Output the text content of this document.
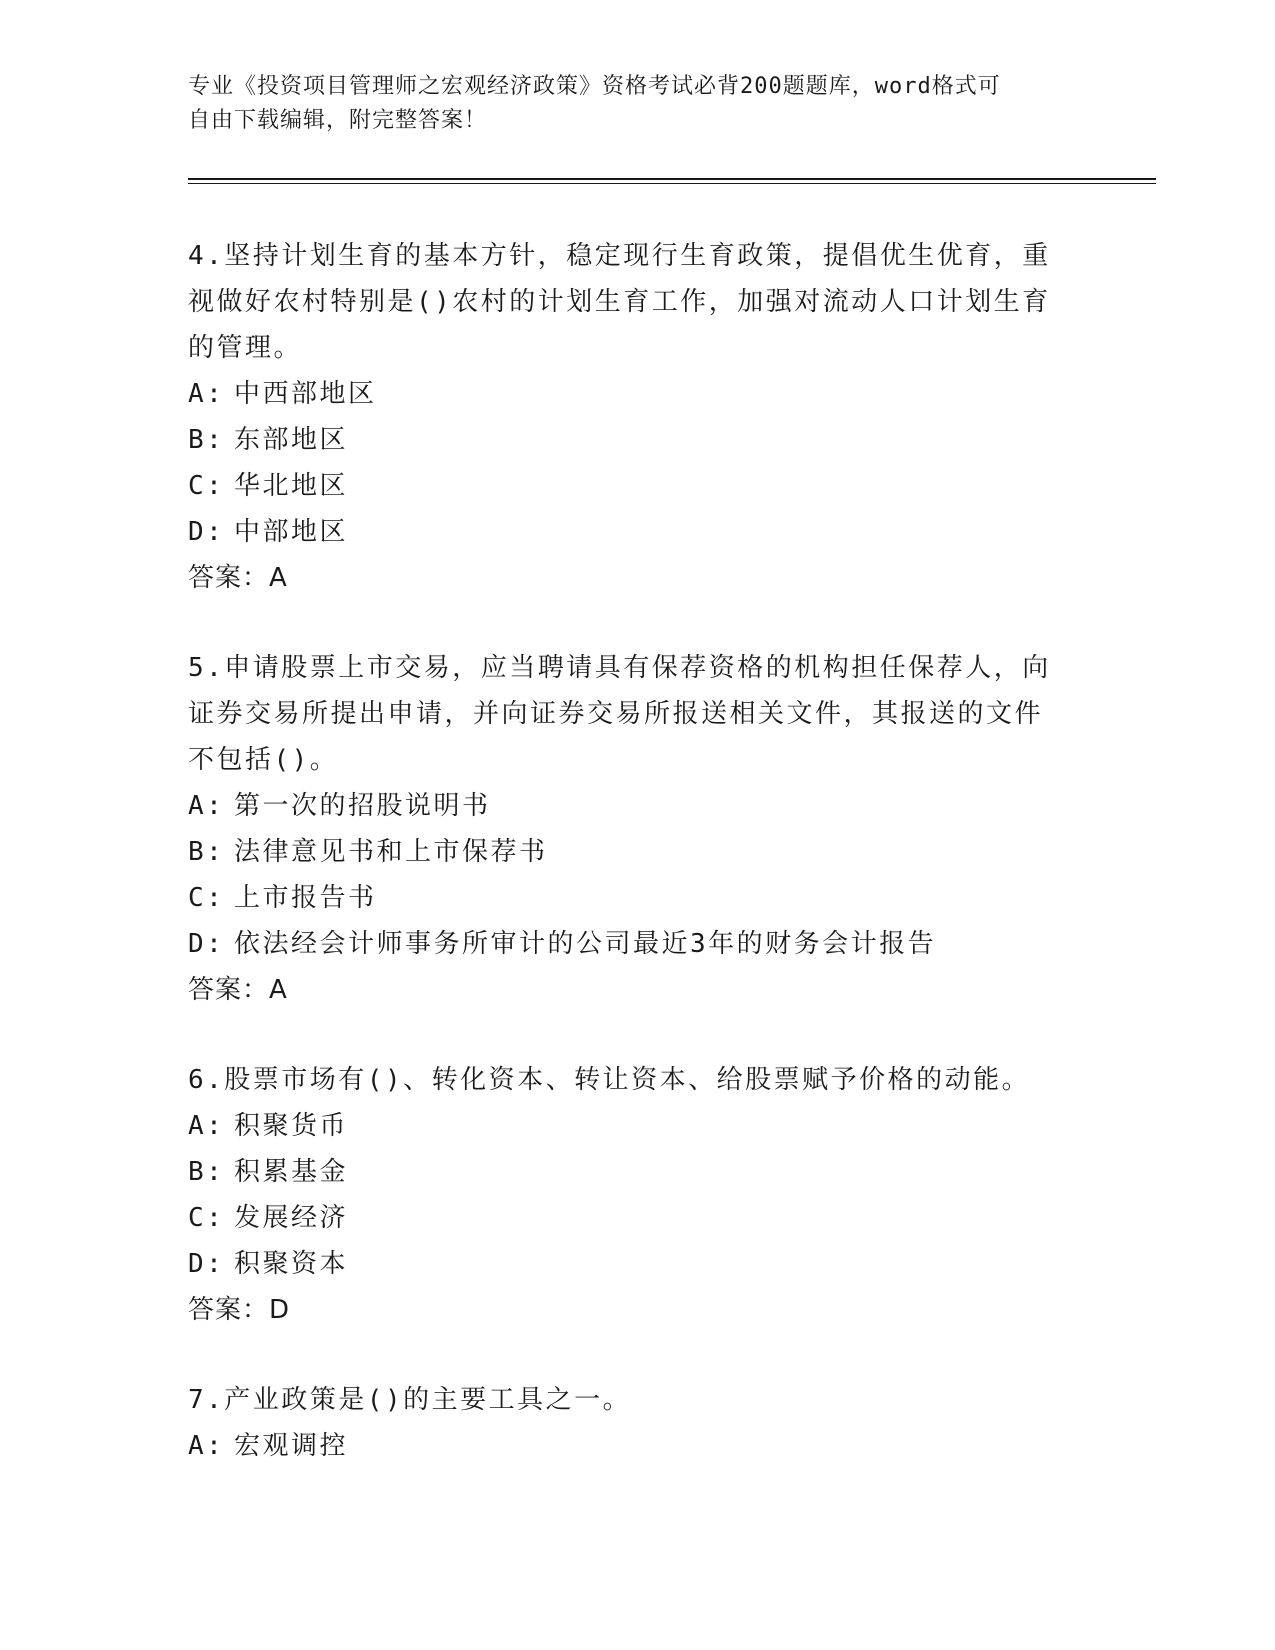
专业《投资项目管理师之宏观经济政策》资格考试必背200题题库，word格式可
自由下载编辑，附完整答案！
4.坚持计划生育的基本方针，稳定现行生育政策，提倡优生优育，重
视做好农村特别是()农村的计划生育工作，加强对流动人口计划生育
的管理。
A: 中西部地区
B: 东部地区
C: 华北地区
D: 中部地区
答案：A
5.申请股票上市交易，应当聘请具有保荐资格的机构担任保荐人，向
证券交易所提出申请，并向证券交易所报送相关文件，其报送的文件
不包括()。
A: 第一次的招股说明书
B: 法律意见书和上市保荐书
C: 上市报告书
D: 依法经会计师事务所审计的公司最近3年的财务会计报告
答案：A
6.股票市场有()、转化资本、转让资本、给股票赋予价格的动能。
A: 积聚货币
B: 积累基金
C: 发展经济
D: 积聚资本
答案：D
7.产业政策是()的主要工具之一。
A: 宏观调控
